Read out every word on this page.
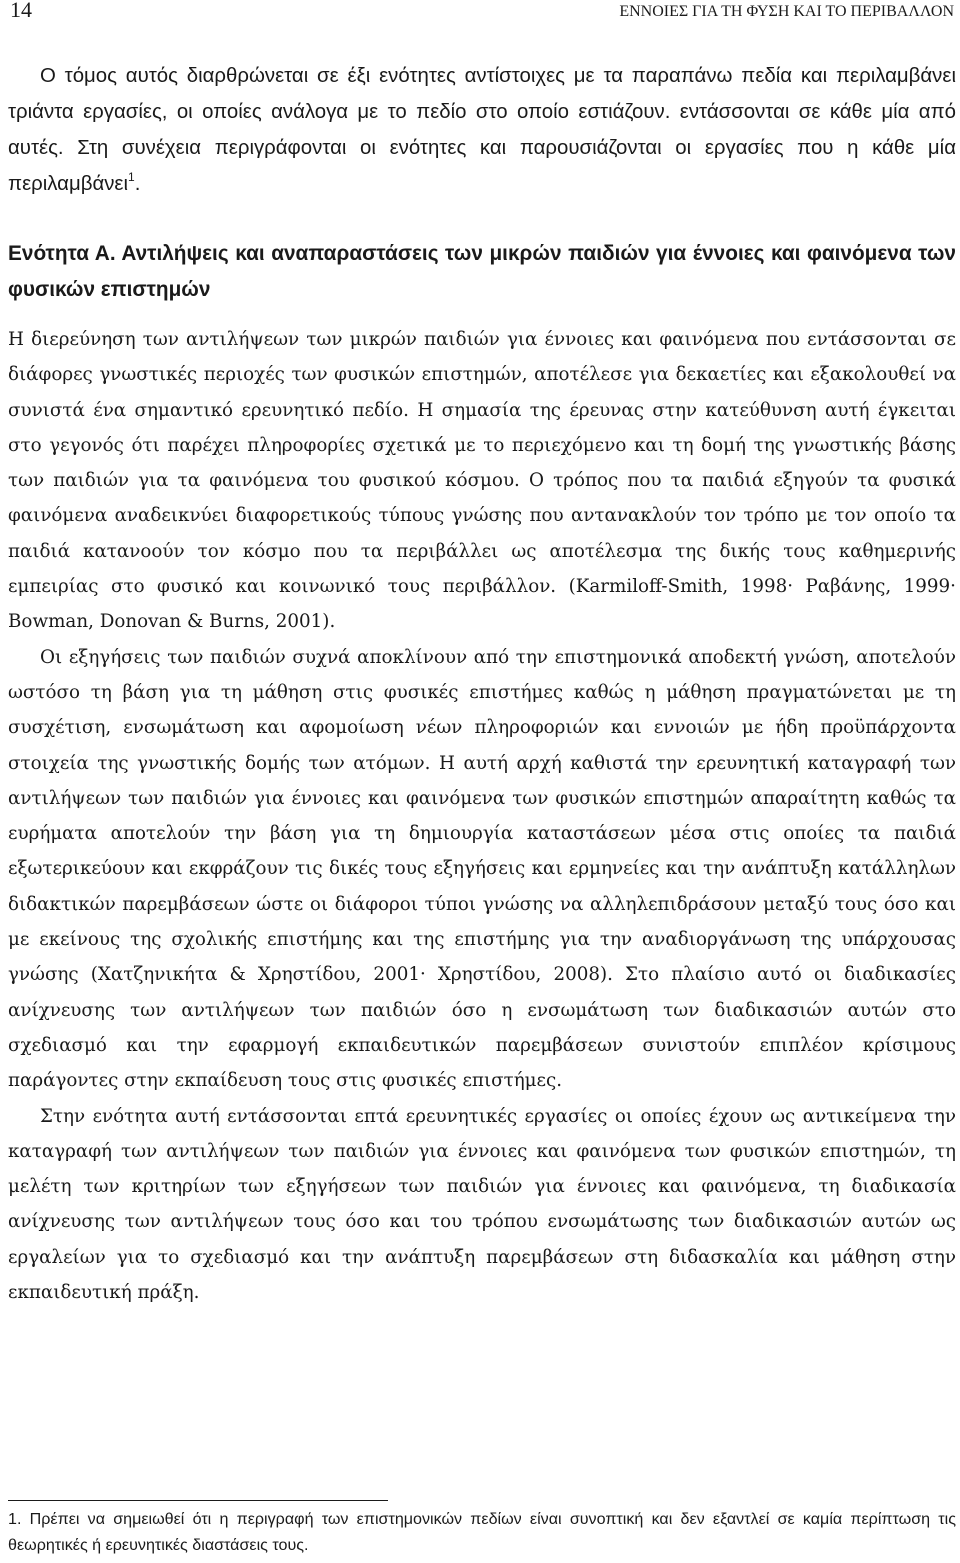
14	ΕΝΝΟΙΕΣ ΓΙΑ ΤΗ ΦΥΣΗ ΚΑΙ ΤΟ ΠΕΡΙΒΑΛΛΟΝ

Ο τόμος αυτός διαρθρώνεται σε έξι ενότητες αντίστοιχες με τα παραπάνω πεδία και περιλαμβάνει τριάντα εργασίες, οι οποίες ανάλογα με το πεδίο στο οποίο εστιάζουν. εντάσσονται σε κάθε μία από αυτές. Στη συνέχεια περιγράφονται οι ενότητες και παρουσιάζονται οι εργασίες που η κάθε μία περιλαμβάνει$^1$.

Ενότητα Α. Αντιλήψεις και αναπαραστάσεις των μικρών παιδιών για έννοιες και φαινόμενα των φυσικών επιστημών

Η διερεύνηση των αντιλήψεων των μικρών παιδιών για έννοιες και φαινόμενα που εντάσσονται σε διάφορες γνωστικές περιοχές των φυσικών επιστημών, αποτέλεσε για δεκαετίες και εξακολουθεί να συνιστά ένα σημαντικό ερευνητικό πεδίο. Η σημασία της έρευνας στην κατεύθυνση αυτή έγκειται στο γεγονός ότι παρέχει πληροφορίες σχετικά με το περιεχόμενο και τη δομή της γνωστικής βάσης των παιδιών για τα φαινόμενα του φυσικού κόσμου. Ο τρόπος που τα παιδιά εξηγούν τα φυσικά φαινόμενα αναδεικνύει διαφορετικούς τύπους γνώσης που αντανακλούν τον τρόπο με τον οποίο τα παιδιά κατανοούν τον κόσμο που τα περιβάλλει ως αποτέλεσμα της δικής τους καθημερινής εμπειρίας στο φυσικό και κοινωνικό τους περιβάλλον. (Karmiloff-Smith, 1998· Ραβάνης, 1999· Bowman, Donovan & Burns, 2001).

Οι εξηγήσεις των παιδιών συχνά αποκλίνουν από την επιστημονικά αποδεκτή γνώση, αποτελούν ωστόσο τη βάση για τη μάθηση στις φυσικές επιστήμες καθώς η μάθηση πραγματώνεται με τη συσχέτιση, ενσωμάτωση και αφομοίωση νέων πληροφοριών και εννοιών με ήδη προϋπάρχοντα στοιχεία της γνωστικής δομής των ατόμων. Η αυτή αρχή καθιστά την ερευνητική καταγραφή των αντιλήψεων των παιδιών για έννοιες και φαινόμενα των φυσικών επιστημών απαραίτητη καθώς τα ευρήματα αποτελούν την βάση για τη δημιουργία καταστάσεων μέσα στις οποίες τα παιδιά εξωτερικεύουν και εκφράζουν τις δικές τους εξηγήσεις και ερμηνείες και την ανάπτυξη κατάλληλων διδακτικών παρεμβάσεων ώστε οι διάφοροι τύποι γνώσης να αλληλεπιδράσουν μεταξύ τους όσο και με εκείνους της σχολικής επιστήμης και της επιστήμης για την αναδιοργάνωση της υπάρχουσας γνώσης (Χατζηνικήτα & Χρηστίδου, 2001· Χρηστίδου, 2008). Στο πλαίσιο αυτό οι διαδικασίες ανίχνευσης των αντιλήψεων των παιδιών όσο η ενσωμάτωση των διαδικασιών αυτών στο σχεδιασμό και την εφαρμογή εκπαιδευτικών παρεμβάσεων συνιστούν επιπλέον κρίσιμους παράγοντες στην εκπαίδευση τους στις φυσικές επιστήμες.

Στην ενότητα αυτή εντάσσονται επτά ερευνητικές εργασίες οι οποίες έχουν ως αντικείμενα την καταγραφή των αντιλήψεων των παιδιών για έννοιες και φαινόμενα των φυσικών επιστημών, τη μελέτη των κριτηρίων των εξηγήσεων των παιδιών για έννοιες και φαινόμενα, τη διαδικασία ανίχνευσης των αντιλήψεων τους όσο και του τρόπου ενσωμάτωσης των διαδικασιών αυτών ως εργαλείων για το σχεδιασμό και την ανάπτυξη παρεμβάσεων στη διδασκαλία και μάθηση στην εκπαιδευτική πράξη.

1. Πρέπει να σημειωθεί ότι η περιγραφή των επιστημονικών πεδίων είναι συνοπτική και δεν εξαντλεί σε καμία περίπτωση τις θεωρητικές ή ερευνητικές διαστάσεις τους.
